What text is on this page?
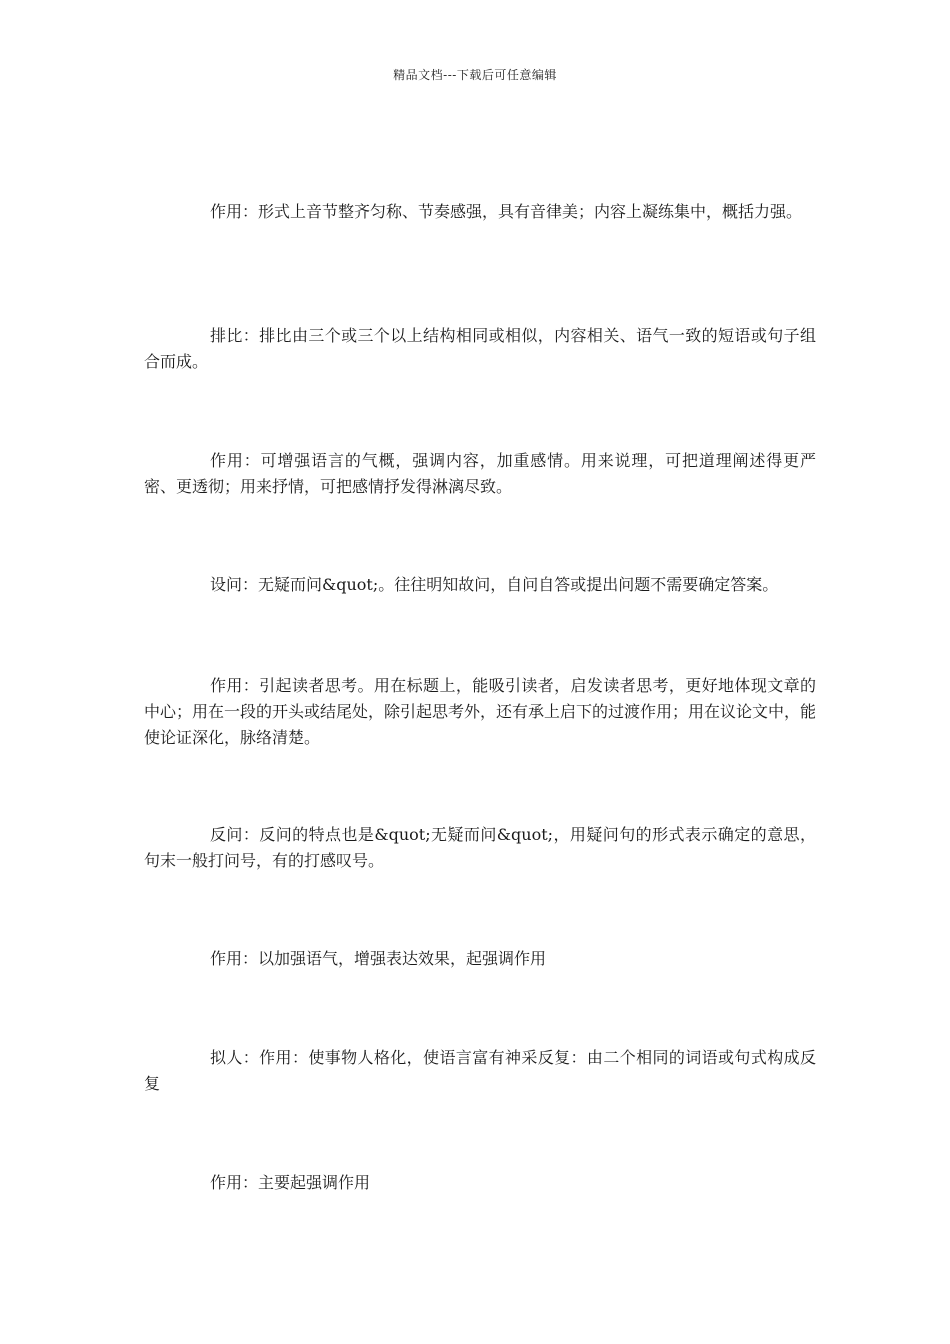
精品文档---下载后可任意编辑

作用：形式上音节整齐匀称、节奏感强，具有音律美；内容上凝练集中，概括力强。

排比：排比由三个或三个以上结构相同或相似，内容相关、语气一致的短语或句子组合而成。

作用：可增强语言的气概，强调内容，加重感情。用来说理，可把道理阐述得更严密、更透彻；用来抒情，可把感情抒发得淋漓尽致。

设问：无疑而问&quot;。往往明知故问，自问自答或提出问题不需要确定答案。

作用：引起读者思考。用在标题上，能吸引读者，启发读者思考，更好地体现文章的中心；用在一段的开头或结尾处，除引起思考外，还有承上启下的过渡作用；用在议论文中，能使论证深化，脉络清楚。

反问：反问的特点也是&quot;无疑而问&quot;，用疑问句的形式表示确定的意思，句末一般打问号，有的打感叹号。

作用：以加强语气，增强表达效果，起强调作用

拟人：作用：使事物人格化，使语言富有神采反复：由二个相同的词语或句式构成反复

作用：主要起强调作用
